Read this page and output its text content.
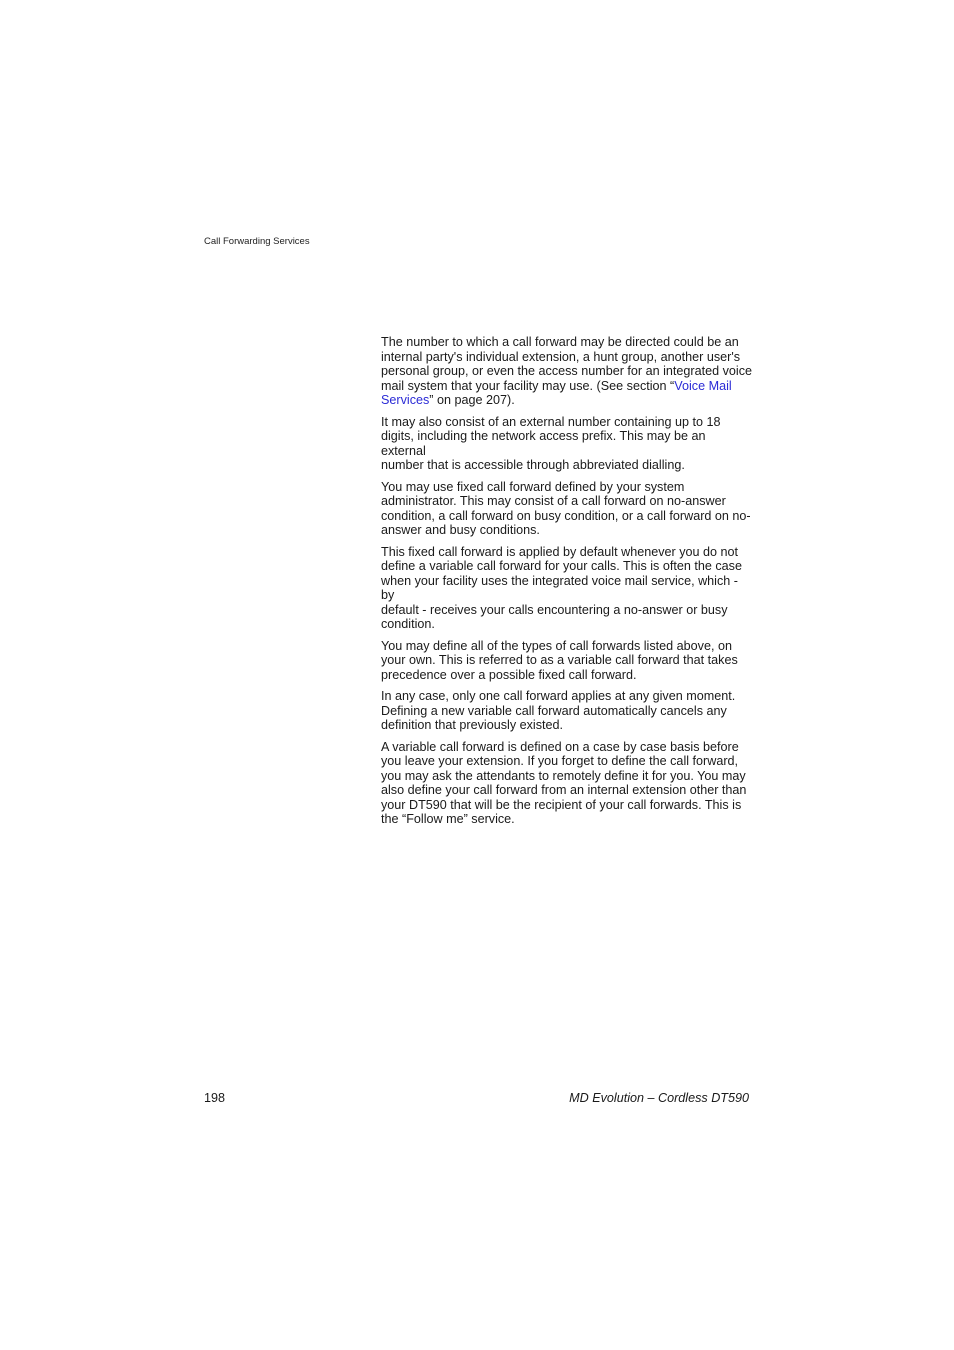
Call Forwarding Services

The number to which a call forward may be directed could be an
internal party's individual extension, a hunt group, another user's
personal group, or even the access number for an integrated voice
mail system that your facility may use. (See section “Voice Mail
Services” on page 207).

It may also consist of an external number containing up to 18
digits, including the network access prefix. This may be an external
number that is accessible through abbreviated dialling.

You may use fixed call forward defined by your system
administrator. This may consist of a call forward on no-answer
condition, a call forward on busy condition, or a call forward on no-
answer and busy conditions.

This fixed call forward is applied by default whenever you do not
define a variable call forward for your calls. This is often the case
when your facility uses the integrated voice mail service, which - by
default - receives your calls encountering a no-answer or busy
condition.

You may define all of the types of call forwards listed above, on
your own. This is referred to as a variable call forward that takes
precedence over a possible fixed call forward.

In any case, only one call forward applies at any given moment.
Defining a new variable call forward automatically cancels any
definition that previously existed.

A variable call forward is defined on a case by case basis before
you leave your extension. If you forget to define the call forward,
you may ask the attendants to remotely define it for you. You may
also define your call forward from an internal extension other than
your DT590 that will be the recipient of your call forwards. This is
the “Follow me” service.

198	MD Evolution – Cordless DT590
